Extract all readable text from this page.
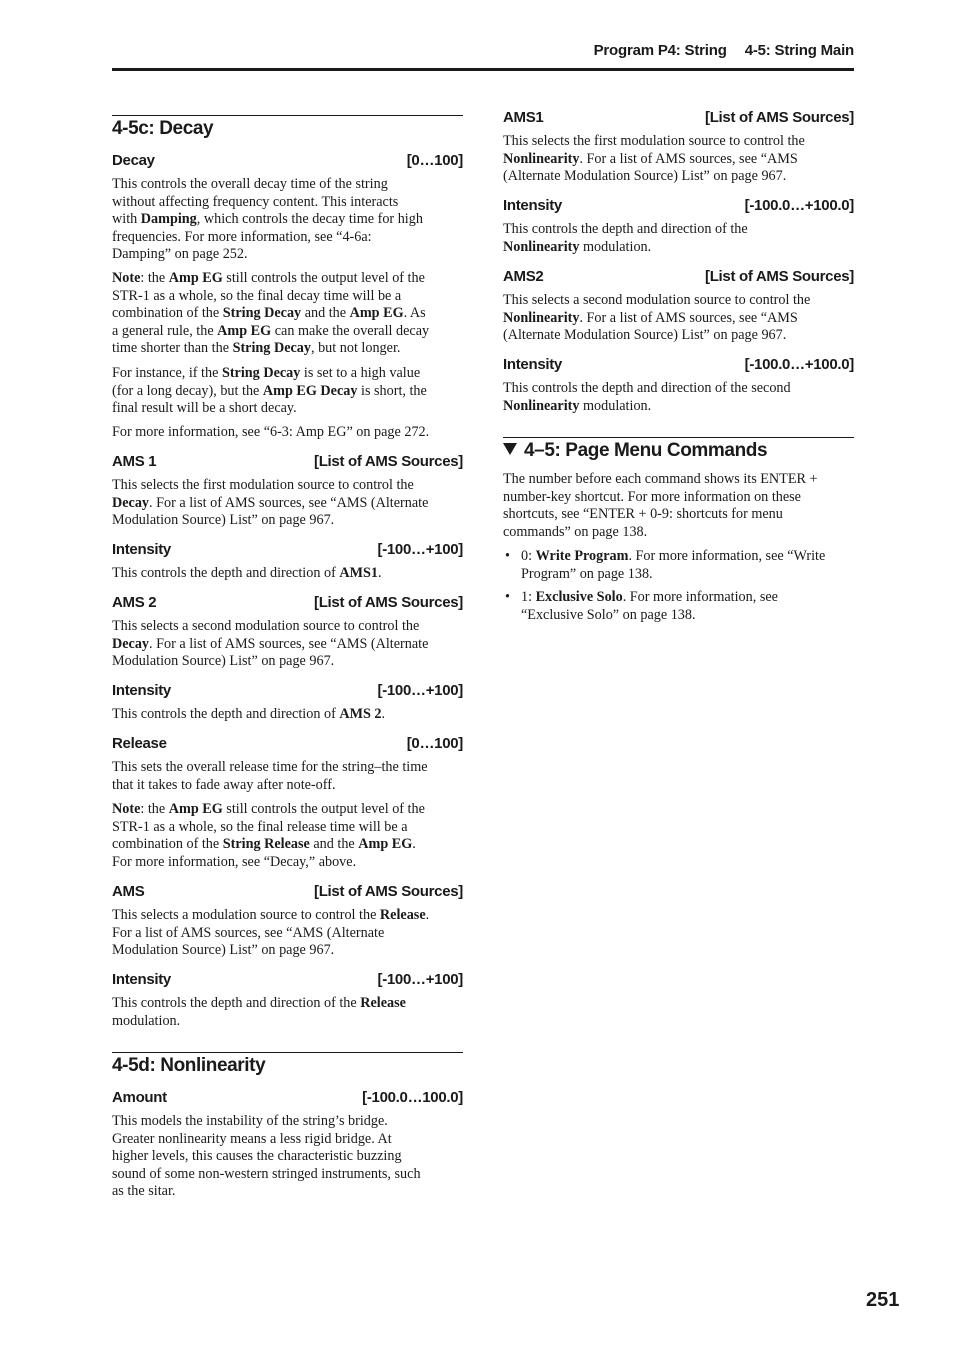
Program P4: String 4-5: String Main
4-5c: Decay
Decay	[0…100]
This controls the overall decay time of the string
without affecting frequency content. This interacts
with Damping, which controls the decay time for high
frequencies. For more information, see “4-6a:
Damping” on page 252.
Note: the Amp EG still controls the output level of the
STR-1 as a whole, so the final decay time will be a
combination of the String Decay and the Amp EG. As
a general rule, the Amp EG can make the overall decay
time shorter than the String Decay, but not longer.
For instance, if the String Decay is set to a high value
(for a long decay), but the Amp EG Decay is short, the
final result will be a short decay.
For more information, see “6-3: Amp EG” on page 272.
AMS 1	[List of AMS Sources]
This selects the first modulation source to control the
Decay. For a list of AMS sources, see “AMS (Alternate
Modulation Source) List” on page 967.
Intensity	[-100…+100]
This controls the depth and direction of AMS1.
AMS 2	[List of AMS Sources]
This selects a second modulation source to control the
Decay. For a list of AMS sources, see “AMS (Alternate
Modulation Source) List” on page 967.
Intensity	[-100…+100]
This controls the depth and direction of AMS 2.
Release	[0…100]
This sets the overall release time for the string–the time
that it takes to fade away after note-off.
Note: the Amp EG still controls the output level of the
STR-1 as a whole, so the final release time will be a
combination of the String Release and the Amp EG.
For more information, see “Decay,” above.
AMS	[List of AMS Sources]
This selects a modulation source to control the Release.
For a list of AMS sources, see “AMS (Alternate
Modulation Source) List” on page 967.
Intensity	[-100…+100]
This controls the depth and direction of the Release
modulation.
4-5d: Nonlinearity
Amount	[-100.0…100.0]
This models the instability of the string’s bridge.
Greater nonlinearity means a less rigid bridge. At
higher levels, this causes the characteristic buzzing
sound of some non-western stringed instruments, such
as the sitar.
AMS1	[List of AMS Sources]
This selects the first modulation source to control the
Nonlinearity. For a list of AMS sources, see “AMS
(Alternate Modulation Source) List” on page 967.
Intensity	[-100.0…+100.0]
This controls the depth and direction of the
Nonlinearity modulation.
AMS2	[List of AMS Sources]
This selects a second modulation source to control the
Nonlinearity. For a list of AMS sources, see “AMS
(Alternate Modulation Source) List” on page 967.
Intensity	[-100.0…+100.0]
This controls the depth and direction of the second
Nonlinearity modulation.
4–5: Page Menu Commands
The number before each command shows its ENTER +
number-key shortcut. For more information on these
shortcuts, see “ENTER + 0-9: shortcuts for menu
commands” on page 138.
• 0: Write Program. For more information, see “Write
Program” on page 138.
• 1: Exclusive Solo. For more information, see
“Exclusive Solo” on page 138.
251
